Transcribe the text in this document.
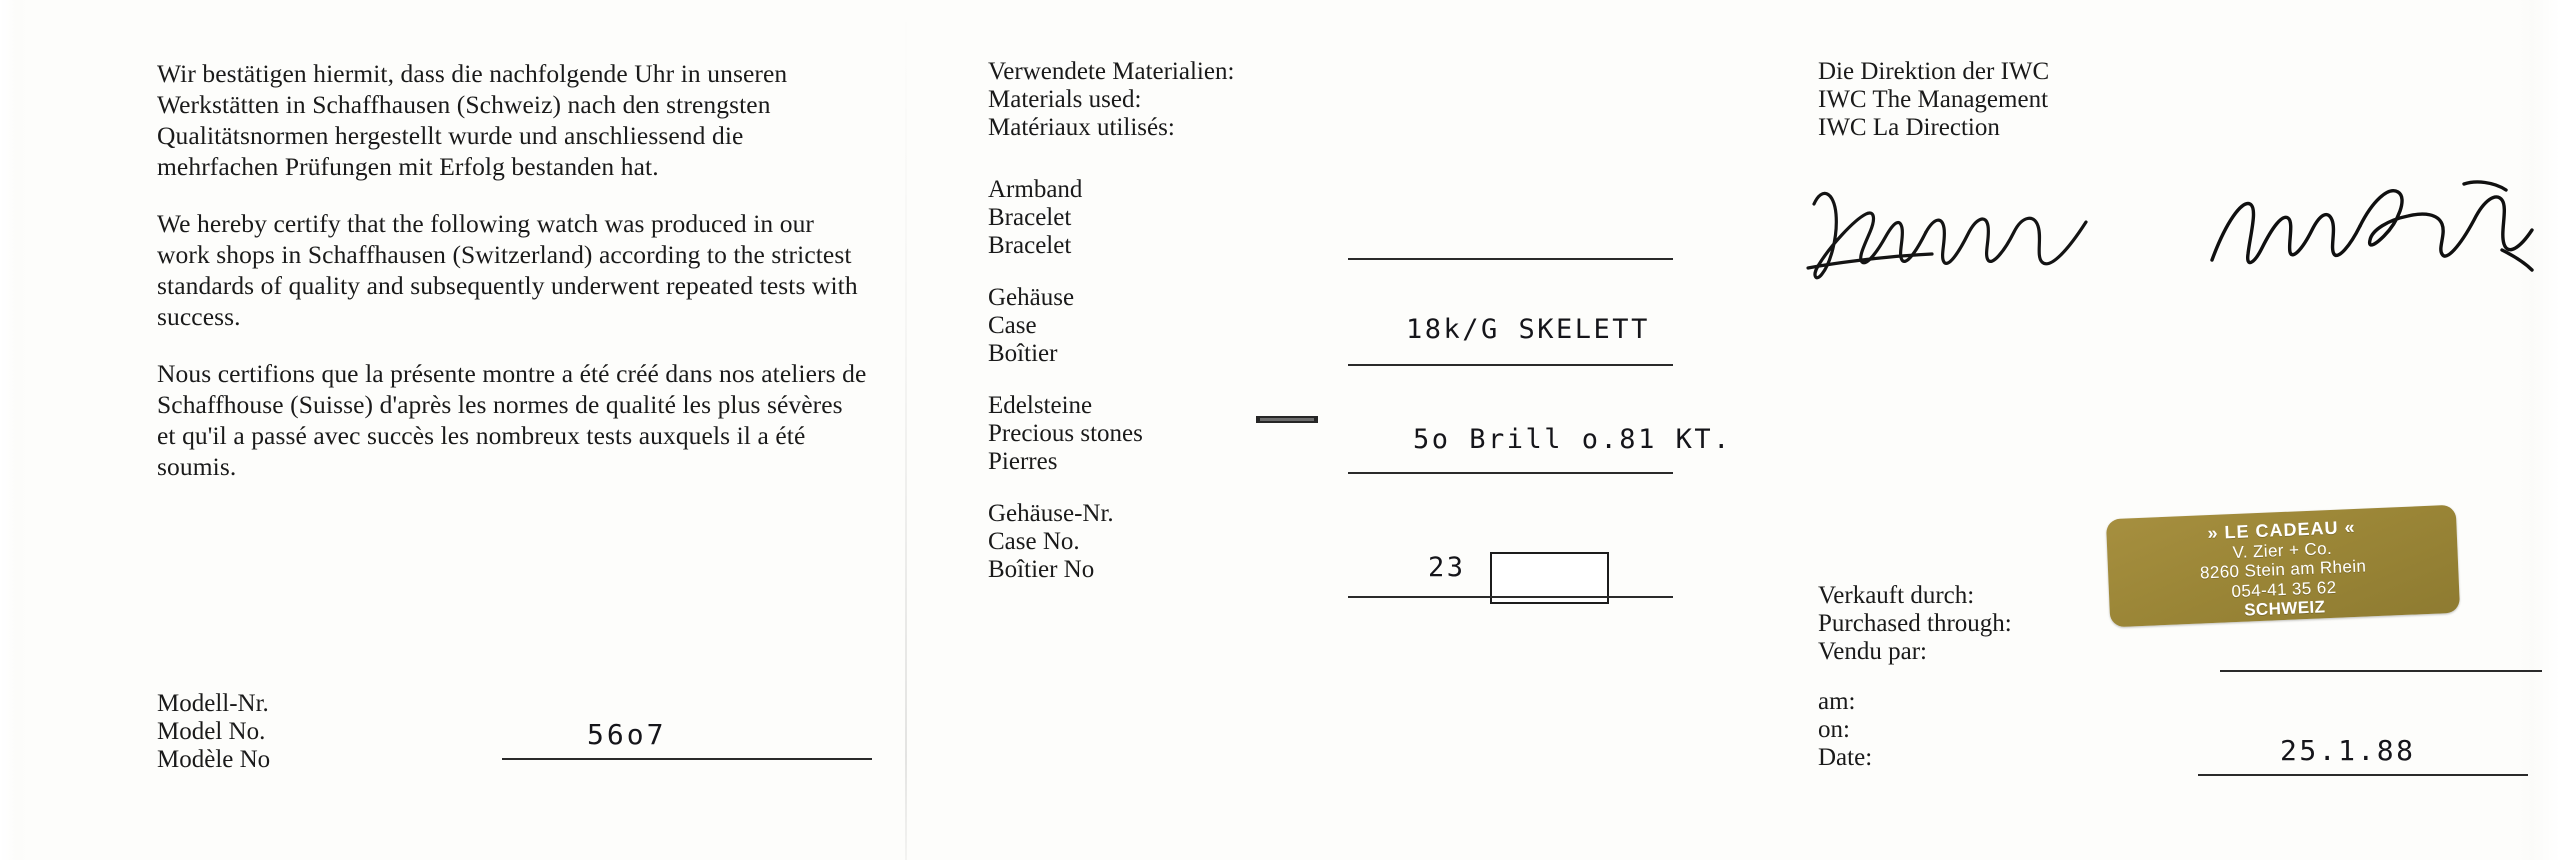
Wir bestätigen hiermit, dass die nachfolgende Uhr in unseren Werkstätten in Schaffhausen (Schweiz) nach den strengsten Qualitätsnormen hergestellt wurde und anschliessend die mehrfachen Prüfungen mit Erfolg bestanden hat.
We hereby certify that the following watch was produced in our work shops in Schaffhausen (Switzerland) according to the strictest standards of quality and subsequently underwent repeated tests with success.
Nous certifions que la présente montre a été créé dans nos ateliers de Schaffhouse (Suisse) d'après les normes de qualité les plus sévères et qu'il a passé avec succès les nombreux tests auxquels il a été soumis.
Modell-Nr.
Model No.
Modèle No
56o7
Verwendete Materialien:
Materials used:
Matériaux utilisés:
Armband
Bracelet
Bracelet
Gehäuse
Case
Boîtier
18k/G SKELETT
Edelsteine
Precious stones
Pierres
5o Brill o.81 KT.
Gehäuse-Nr.
Case No.
Boîtier No	23
Die Direktion der IWC
IWC The Management
IWC La Direction
Verkauft durch:
Purchased through:
Vendu par:
» LE CADEAU «
V. Zier + Co.
8260 Stein am Rhein
054-41 35 62
SCHWEIZ
am:
on:
Date:	25.1.88
